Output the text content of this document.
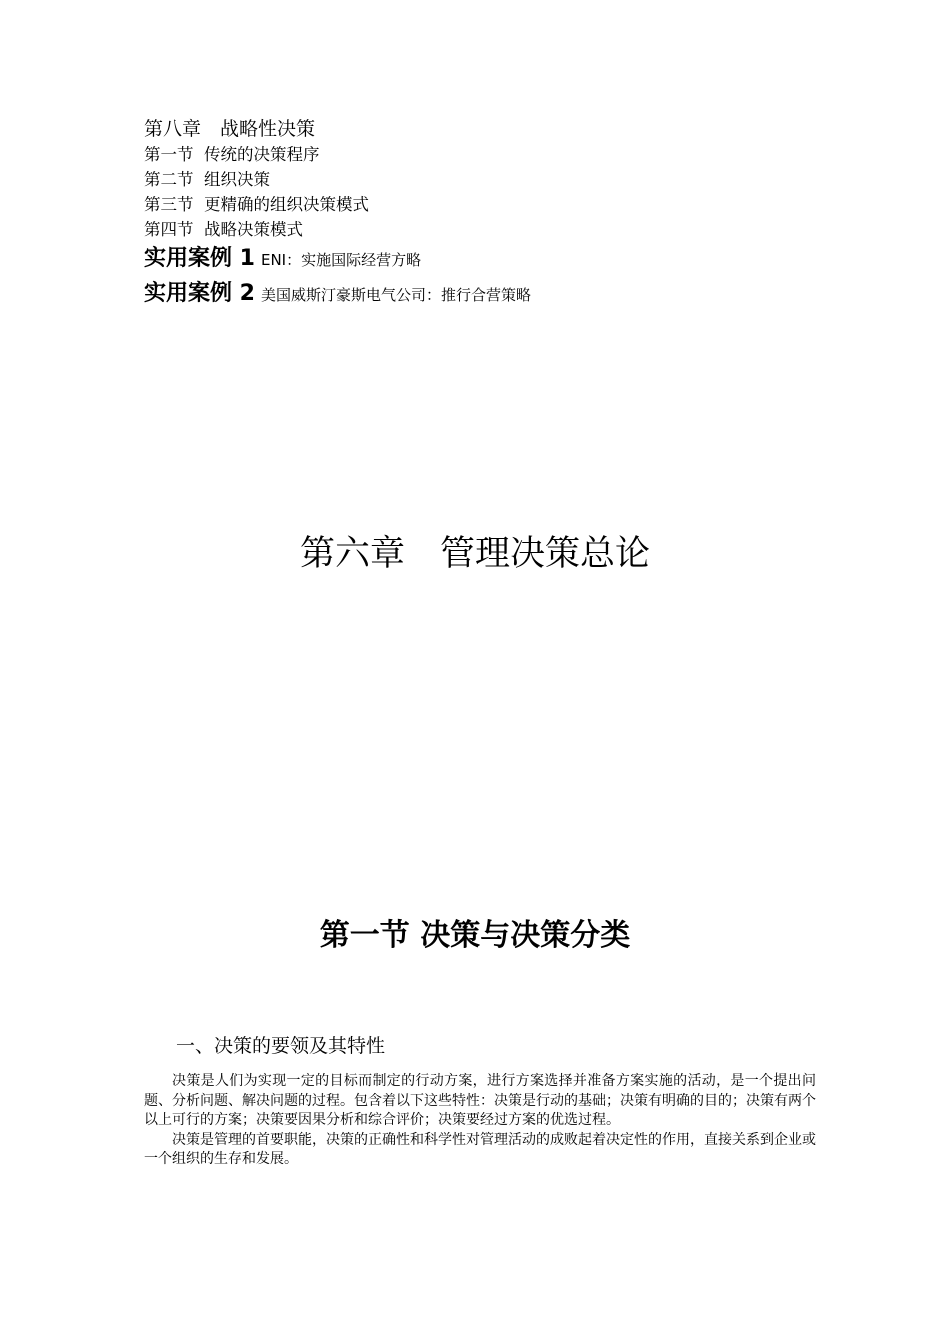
第八章　战略性决策
第一节  传统的决策程序
第二节  组织决策
第三节  更精确的组织决策模式
第四节  战略决策模式
实用案例 1 ENI：实施国际经营方略
实用案例 2 美国威斯汀豪斯电气公司：推行合营策略
第六章　管理决策总论
第一节 决策与决策分类
一、决策的要领及其特性

决策是人们为实现一定的目标而制定的行动方案，进行方案选择并准备方案实施的活动，是一个提出问题、分析问题、解决问题的过程。包含着以下这些特性：决策是行动的基础；决策有明确的目的；决策有两个以上可行的方案；决策要因果分析和综合评价；决策要经过方案的优选过程。

决策是管理的首要职能，决策的正确性和科学性对管理活动的成败起着决定性的作用，直接关系到企业或一个组织的生存和发展。
